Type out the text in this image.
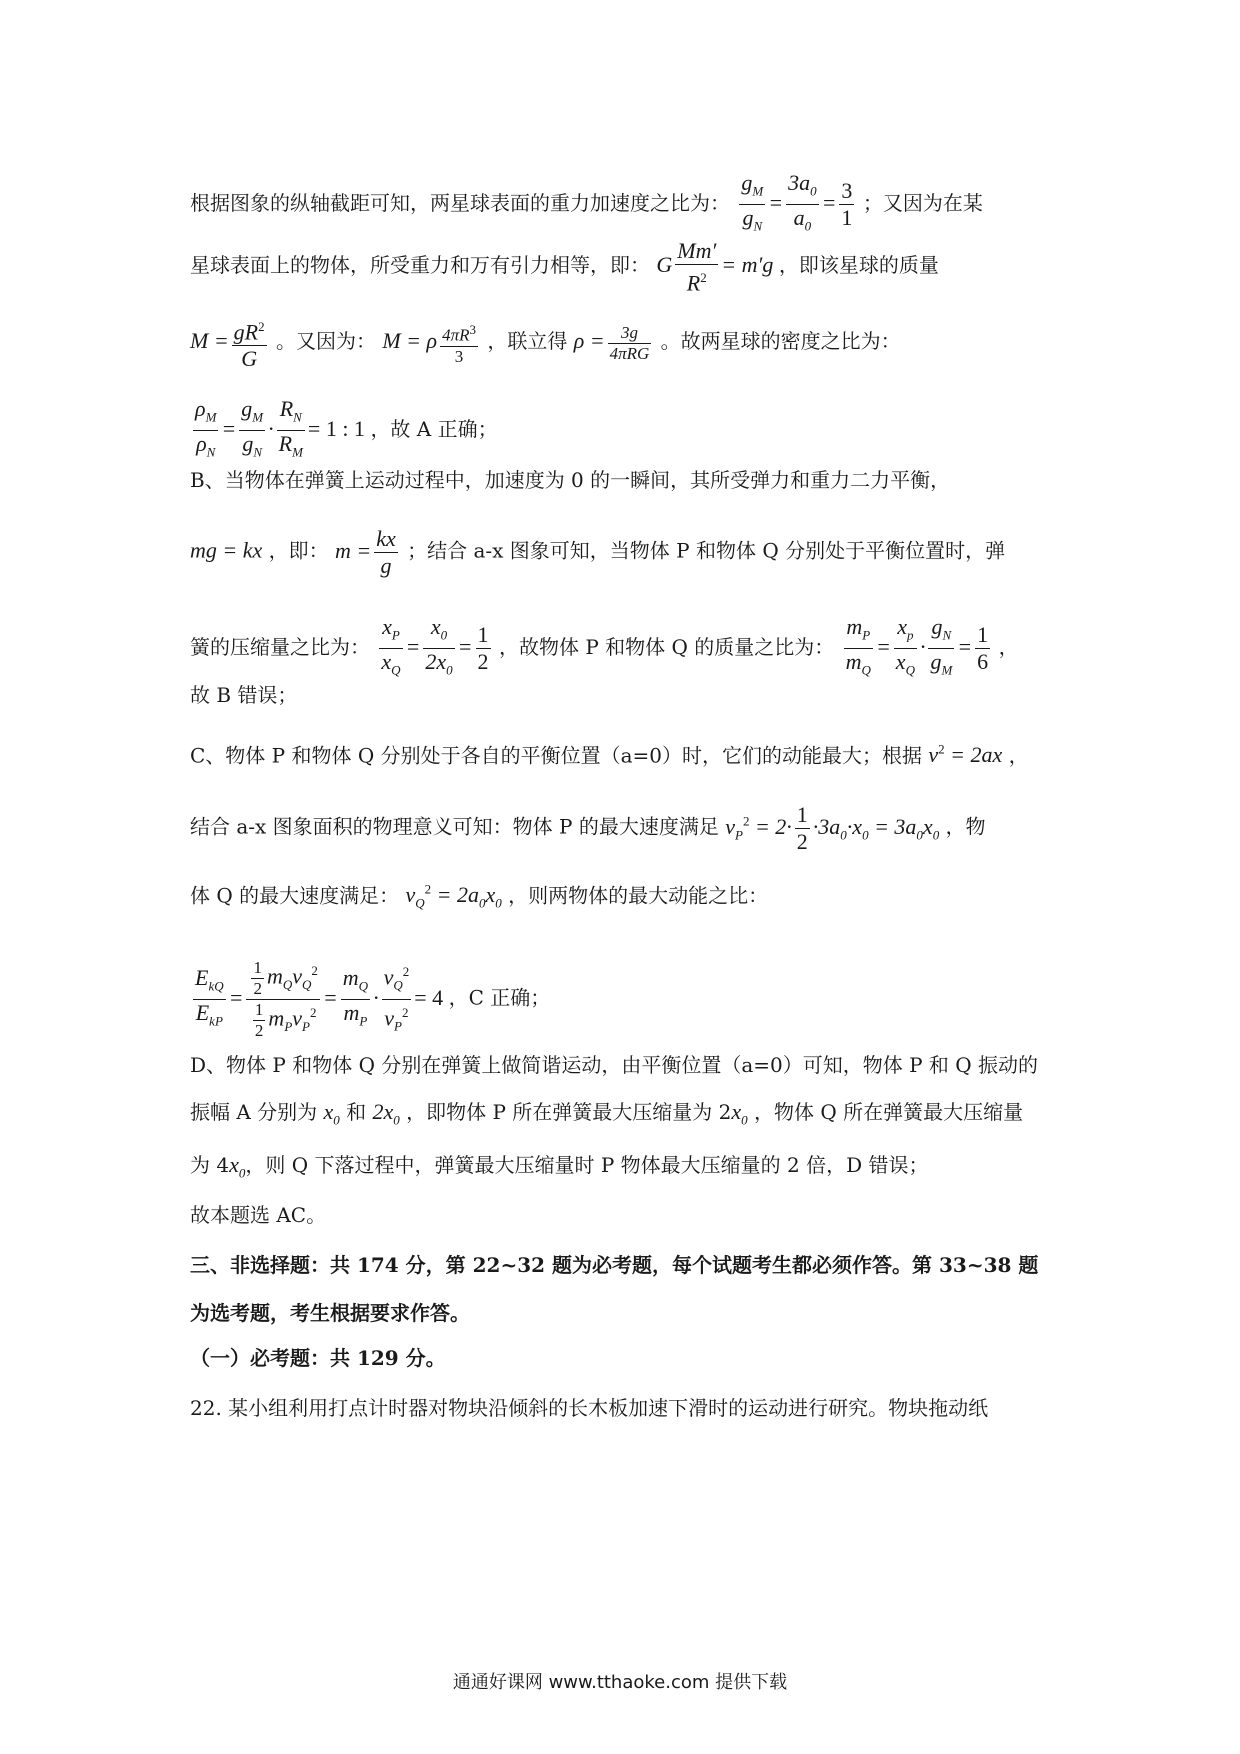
根据图象的纵轴截距可知，两星球表面的重力加速度之比为： $\frac{g_M}{g_N} = \frac{3a_0}{a_0} = \frac{3}{1}$ ；又因为在某
星球表面上的物体，所受重力和万有引力相等，即： G $\frac{Mm'}{R^2} = m'g$ ，即该星球的质量
$M = \frac{gR^2}{G}$ 。又因为： M = ρ $\frac{4\pi R^3}{3}$ ，联立得 $\rho = \frac{3g}{\text{4πRG}}$ 。故两星球的密度之比为：
$\frac{\rho_M}{\rho_N} = \frac{g_M}{g_N} \cdot \frac{R_N}{R_M} = 1$ : 1 ，故 A 正确；
B、当物体在弹簧上运动过程中，加速度为 0 的一瞬间，其所受弹力和重力二力平衡，
mg = kx ，即： $m = \frac{kx}{g}$ ；结合 a-x 图象可知，当物体 P 和物体 Q 分别处于平衡位置时，弹
簧的压缩量之比为： $\frac{x_P}{x_Q} = \frac{x_0}{2x_0} = \frac{1}{2}$ ，故物体 P 和物体 Q 的质量之比为： $\frac{m_P}{m_Q} = \frac{x_p}{x_Q} \cdot \frac{g_N}{g_M} = \frac{1}{6}$ ，
故 B 错误；
C、物体 P 和物体 Q 分别处于各自的平衡位置（a=0）时，它们的动能最大；根据 $v^2 = 2ax$ ，
结合 a-x 图象面积的物理意义可知：物体 P 的最大速度满足 $v_P^2 = 2\cdot \frac{1}{2} \cdot 3a_0\cdot x_0 = 3a_0x_0$ ，物
体 Q 的最大速度满足： $v_Q^2 = 2a_0x_0$ ，则两物体的最大动能之比：
$\frac{E_{kQ}}{E_{kP}} = \frac{\frac{1}{2} m_Qv_Q^2}{\frac{1}{2} m_Pv_P^2} = \frac{m_Q}{m_P} \cdot \frac{v_Q^2}{v_P^2} = 4$ ，C 正确；
D、物体 P 和物体 Q 分别在弹簧上做简谐运动，由平衡位置（a=0）可知，物体 P 和 Q 振动的
振幅 A 分别为 $x_0$ 和 $2x_0$ ，即物体 P 所在弹簧最大压缩量为 $2x_0$ ，物体 Q 所在弹簧最大压缩量
为 $4x_0$，则 Q 下落过程中，弹簧最大压缩量时 P 物体最大压缩量的 2 倍，D 错误；
故本题选 AC。
三、非选择题：共 174 分，第 22~32 题为必考题，每个试题考生都必须作答。第 33~38 题
为选考题，考生根据要求作答。
（一）必考题：共 129 分。
22. 某小组利用打点计时器对物块沿倾斜的长木板加速下滑时的运动进行研究。物块拖动纸
通通好课网 www.tthaoke.com 提供下载
